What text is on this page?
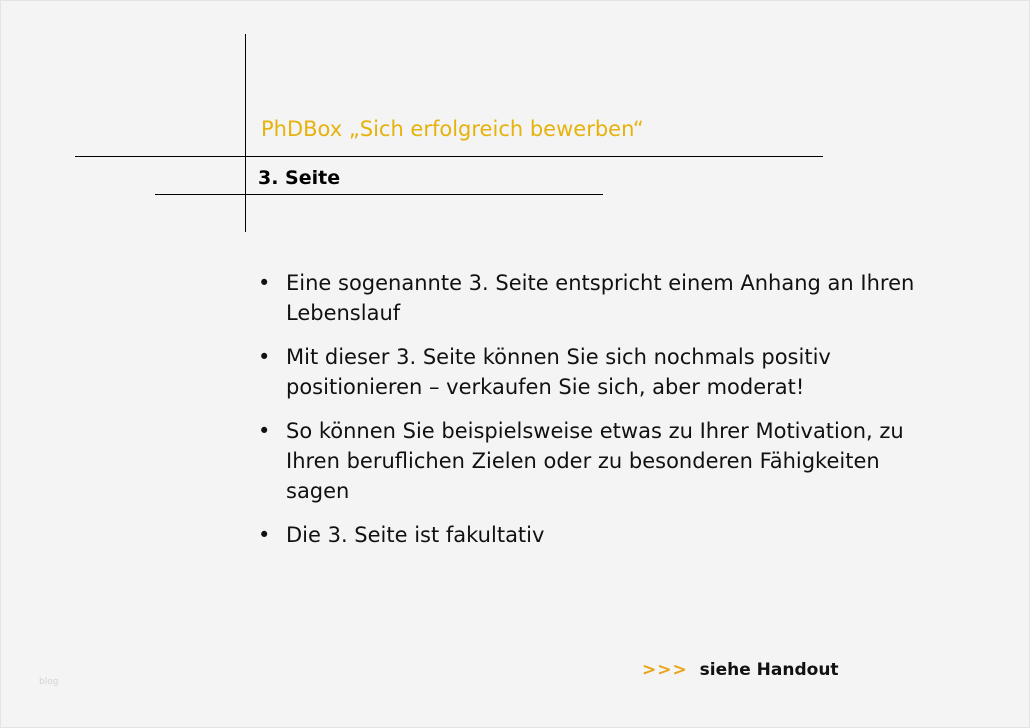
PhDBox „Sich erfolgreich bewerben“
3. Seite
• Eine sogenannte 3. Seite entspricht einem Anhang an Ihren Lebenslauf
• Mit dieser 3. Seite können Sie sich nochmals positiv positionieren – verkaufen Sie sich, aber moderat!
• So können Sie beispielsweise etwas zu Ihrer Motivation, zu Ihren beruflichen Zielen oder zu besonderen Fähigkeiten sagen
• Die 3. Seite ist fakultativ
>>> siehe Handout
blog
